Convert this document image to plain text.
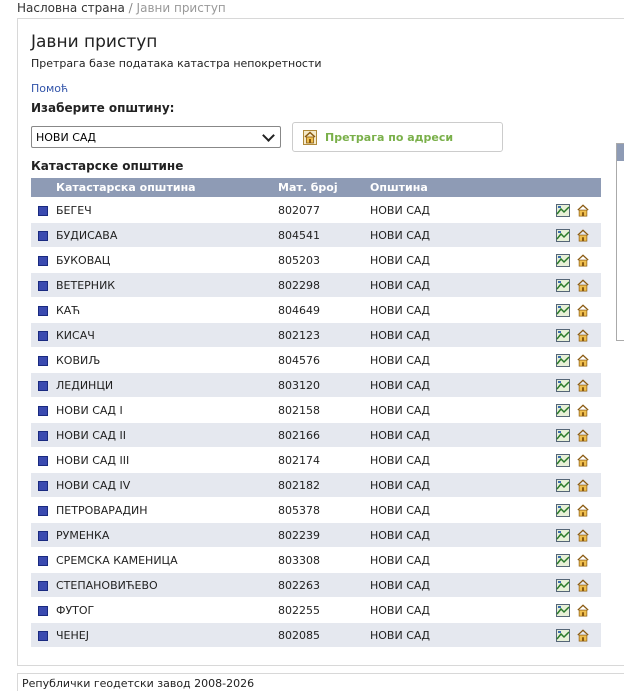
Насловна страна / Јавни приступ
Јавни приступ
Претрага базе података катастра непокретности
Помоћ
Изаберите општину:
НОВИ САД	Претрага по адреси
Катастарске општине
	Катастарска општина	Мат. број	Општина	
	БЕГЕЧ	802077	НОВИ САД	

	БУДИСАВА	804541	НОВИ САД	

	БУКОВАЦ	805203	НОВИ САД	

	ВЕТЕРНИК	802298	НОВИ САД	

	КАЋ	804649	НОВИ САД	

	КИСАЧ	802123	НОВИ САД	

	КОВИЉ	804576	НОВИ САД	

	ЛЕДИНЦИ	803120	НОВИ САД	

	НОВИ САД I	802158	НОВИ САД	

	НОВИ САД II	802166	НОВИ САД	

	НОВИ САД III	802174	НОВИ САД	

	НОВИ САД IV	802182	НОВИ САД	

	ПЕТРОВАРАДИН	805378	НОВИ САД	

	РУМЕНКА	802239	НОВИ САД	

	СРЕМСКА КАМЕНИЦА	803308	НОВИ САД	

	СТЕПАНОВИЋЕВО	802263	НОВИ САД	

	ФУТОГ	802255	НОВИ САД	

	ЧЕНЕЈ	802085	НОВИ САД	
Републички геодетски завод 2008-2026
